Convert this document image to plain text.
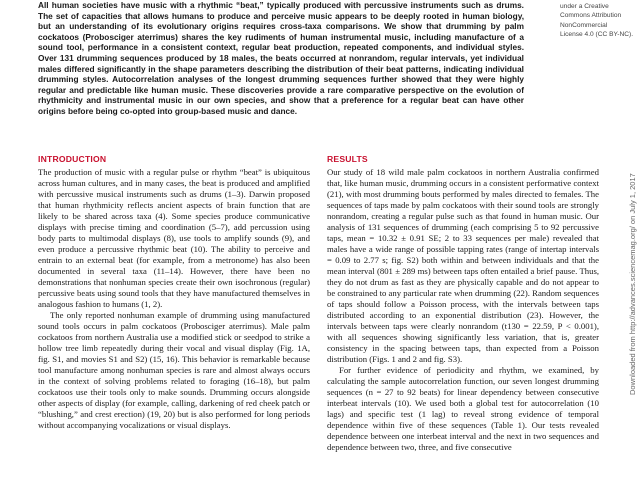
All human societies have music with a rhythmic “beat,” typically produced with percussive instruments such as drums. The set of capacities that allows humans to produce and perceive music appears to be deeply rooted in human biology, but an understanding of its evolutionary origins requires cross-taxa comparisons. We show that drumming by palm cockatoos (Probosciger aterrimus) shares the key rudiments of human instrumental music, including manufacture of a sound tool, performance in a consistent context, regular beat production, repeated components, and individual styles. Over 131 drumming sequences produced by 18 males, the beats occurred at nonrandom, regular intervals, yet individual males differed significantly in the shape parameters describing the distribution of their beat patterns, indicating individual drumming styles. Autocorrelation analyses of the longest drumming sequences further showed that they were highly regular and predictable like human music. These discoveries provide a rare comparative perspective on the evolution of rhythmicity and instrumental music in our own species, and show that a preference for a regular beat can have other origins before being co-opted into group-based music and dance.

under a Creative
Commons Attribution
NonCommercial
License 4.0 (CC BY-NC).
Downloaded from http://advances.sciencemag.org/ on July 1, 2017
INTRODUCTION

The production of music with a regular pulse or rhythm “beat” is ubiquitous across human cultures, and in many cases, the beat is produced and amplified with percussive musical instruments such as drums (1–3). Darwin proposed that human rhythmicity reflects ancient aspects of brain function that are likely to be shared across taxa (4). Some species produce communicative displays with precise timing and coordination (5–7), add percussion using body parts to multimodal displays (8), use tools to amplify sounds (9), and even produce a percussive rhythmic beat (10). The ability to perceive and entrain to an external beat (for example, from a metronome) has also been documented in several taxa (11–14). However, there have been no demonstrations that nonhuman species create their own isochronous (regular) percussive beats using sound tools that they have manufactured themselves in analogous fashion to humans (1, 2).

The only reported nonhuman example of drumming using manufactured sound tools occurs in palm cockatoos (Probosciger aterrimus). Male palm cockatoos from northern Australia use a modified stick or seedpod to strike a hollow tree limb repeatedly during their vocal and visual display (Fig. 1A, fig. S1, and movies S1 and S2) (15, 16). This behavior is remarkable because tool manufacture among nonhuman species is rare and almost always occurs in the context of solving problems related to foraging (16–18), but palm cockatoos use their tools only to make sounds. Drumming occurs alongside other aspects of display (for example, calling, darkening of red cheek patch or “blushing,” and crest erection) (19, 20) but is also performed for long periods without accompanying vocalizations or visual displays.

RESULTS

Our study of 18 wild male palm cockatoos in northern Australia confirmed that, like human music, drumming occurs in a consistent performative context (21), with most drumming bouts performed by males directed to females. The sequences of taps made by palm cockatoos with their sound tools are strongly nonrandom, creating a regular pulse such as that found in human music. Our analysis of 131 sequences of drumming (each comprising 5 to 92 percussive taps, mean = 10.32 ± 0.91 SE; 2 to 33 sequences per male) revealed that males have a wide range of possible tapping rates (range of intertap intervals = 0.09 to 2.77 s; fig. S2) both within and between individuals and that the mean interval (801 ± 289 ms) between taps often entailed a brief pause. Thus, they do not drum as fast as they are physically capable and do not appear to be constrained to any particular rate when drumming (22). Random sequences of taps should follow a Poisson process, with the intervals between taps distributed according to an exponential distribution (23). However, the intervals between taps were clearly nonrandom (t130 = 22.59, P < 0.001), with all sequences showing significantly less variation, that is, greater consistency in the spacing between taps, than expected from a Poisson distribution (Figs. 1 and 2 and fig. S3).

For further evidence of periodicity and rhythm, we examined, by calculating the sample autocorrelation function, our seven longest drumming sequences (n = 27 to 92 beats) for linear dependency between consecutive interbeat intervals (10). We used both a global test for autocorrelation (10 lags) and specific test (1 lag) to reveal strong evidence of temporal dependence within five of these sequences (Table 1). Our tests revealed dependence between one interbeat interval and the next in two sequences and dependence between two, three, and five consecutive
